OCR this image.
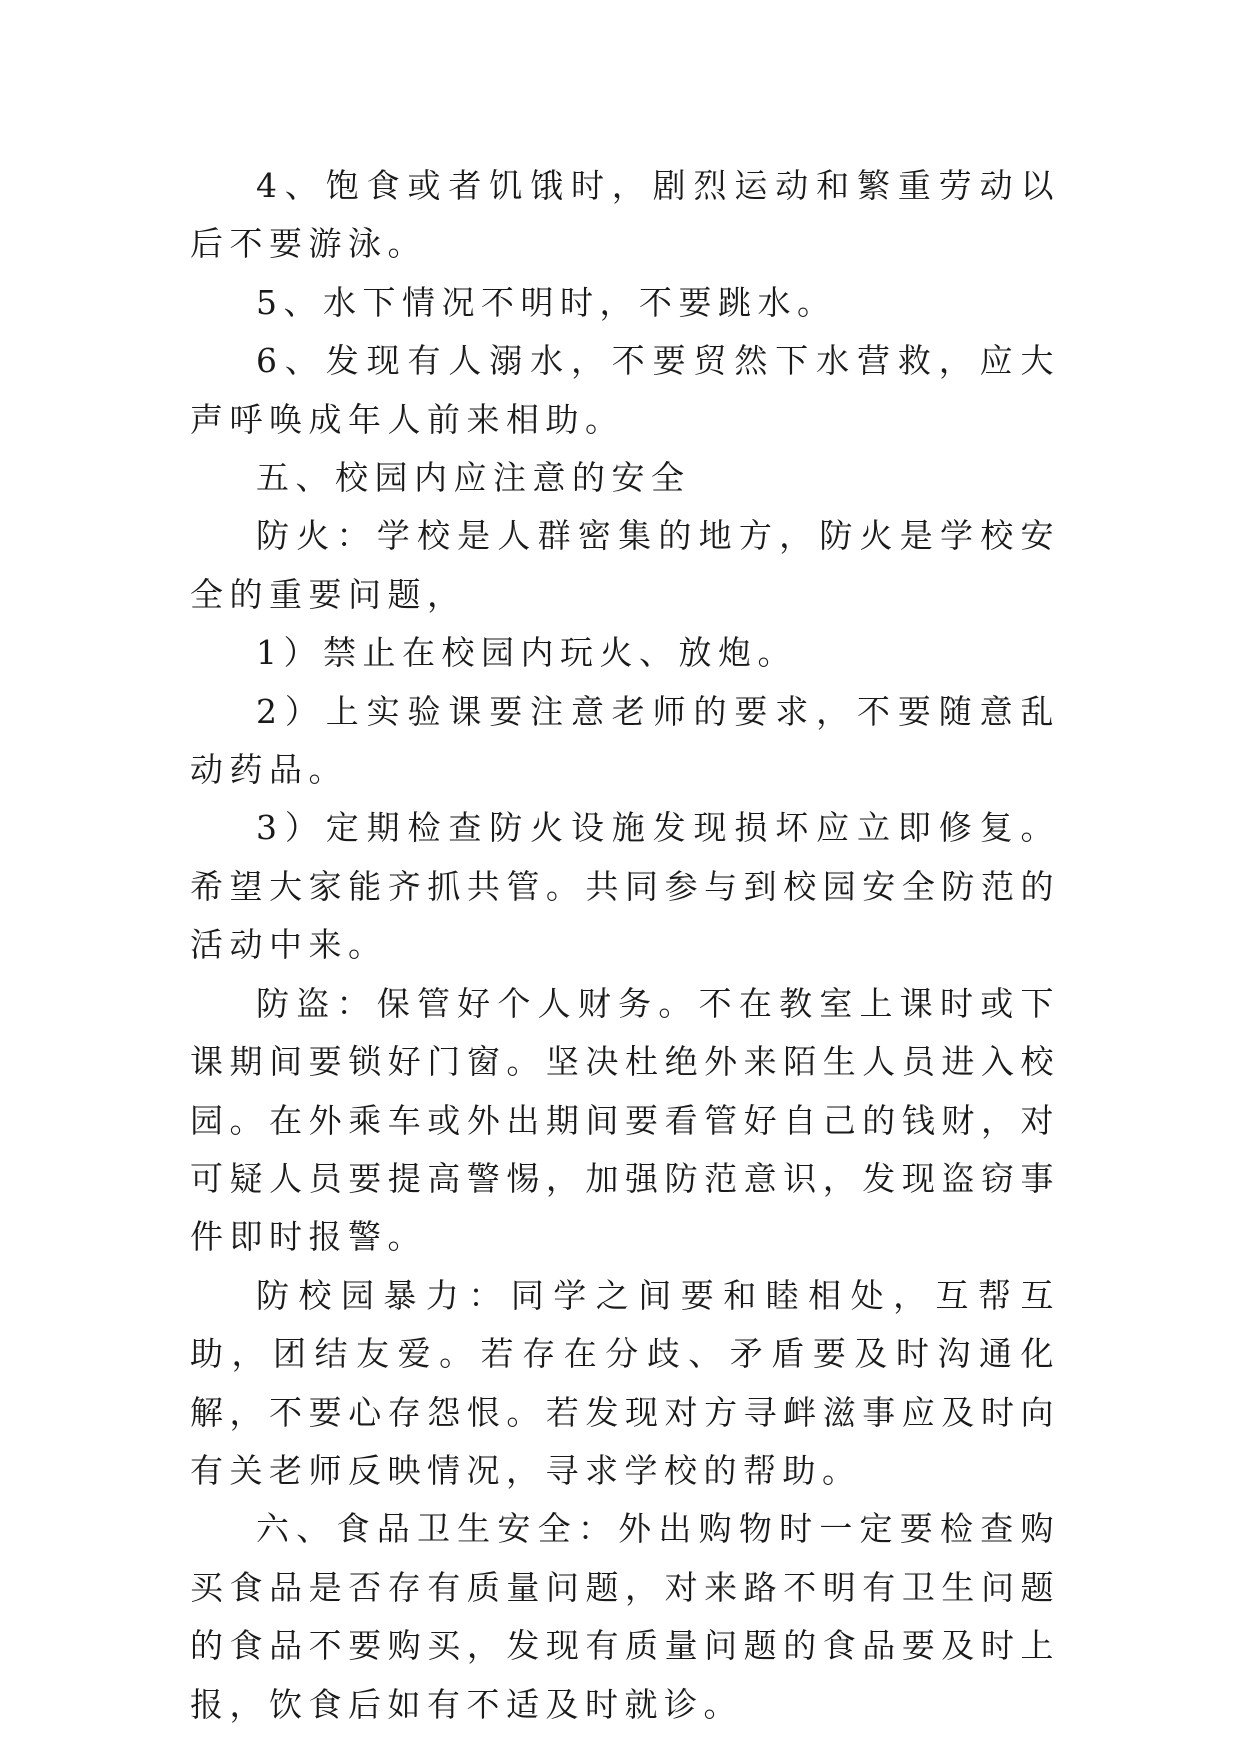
4、饱食或者饥饿时，剧烈运动和繁重劳动以后不要游泳。

5、水下情况不明时，不要跳水。

6、发现有人溺水，不要贸然下水营救，应大声呼唤成年人前来相助。

五、校园内应注意的安全

防火：学校是人群密集的地方，防火是学校安全的重要问题，

1）禁止在校园内玩火、放炮。

2）上实验课要注意老师的要求，不要随意乱动药品。

3）定期检查防火设施发现损坏应立即修复。希望大家能齐抓共管。共同参与到校园安全防范的活动中来。

防盗：保管好个人财务。不在教室上课时或下课期间要锁好门窗。坚决杜绝外来陌生人员进入校园。在外乘车或外出期间要看管好自己的钱财，对可疑人员要提高警惕，加强防范意识，发现盗窃事件即时报警。

防校园暴力：同学之间要和睦相处，互帮互助，团结友爱。若存在分歧、矛盾要及时沟通化解，不要心存怨恨。若发现对方寻衅滋事应及时向有关老师反映情况，寻求学校的帮助。

六、食品卫生安全：外出购物时一定要检查购买食品是否存有质量问题，对来路不明有卫生问题的食品不要购买，发现有质量问题的食品要及时上报，饮食后如有不适及时就诊。
